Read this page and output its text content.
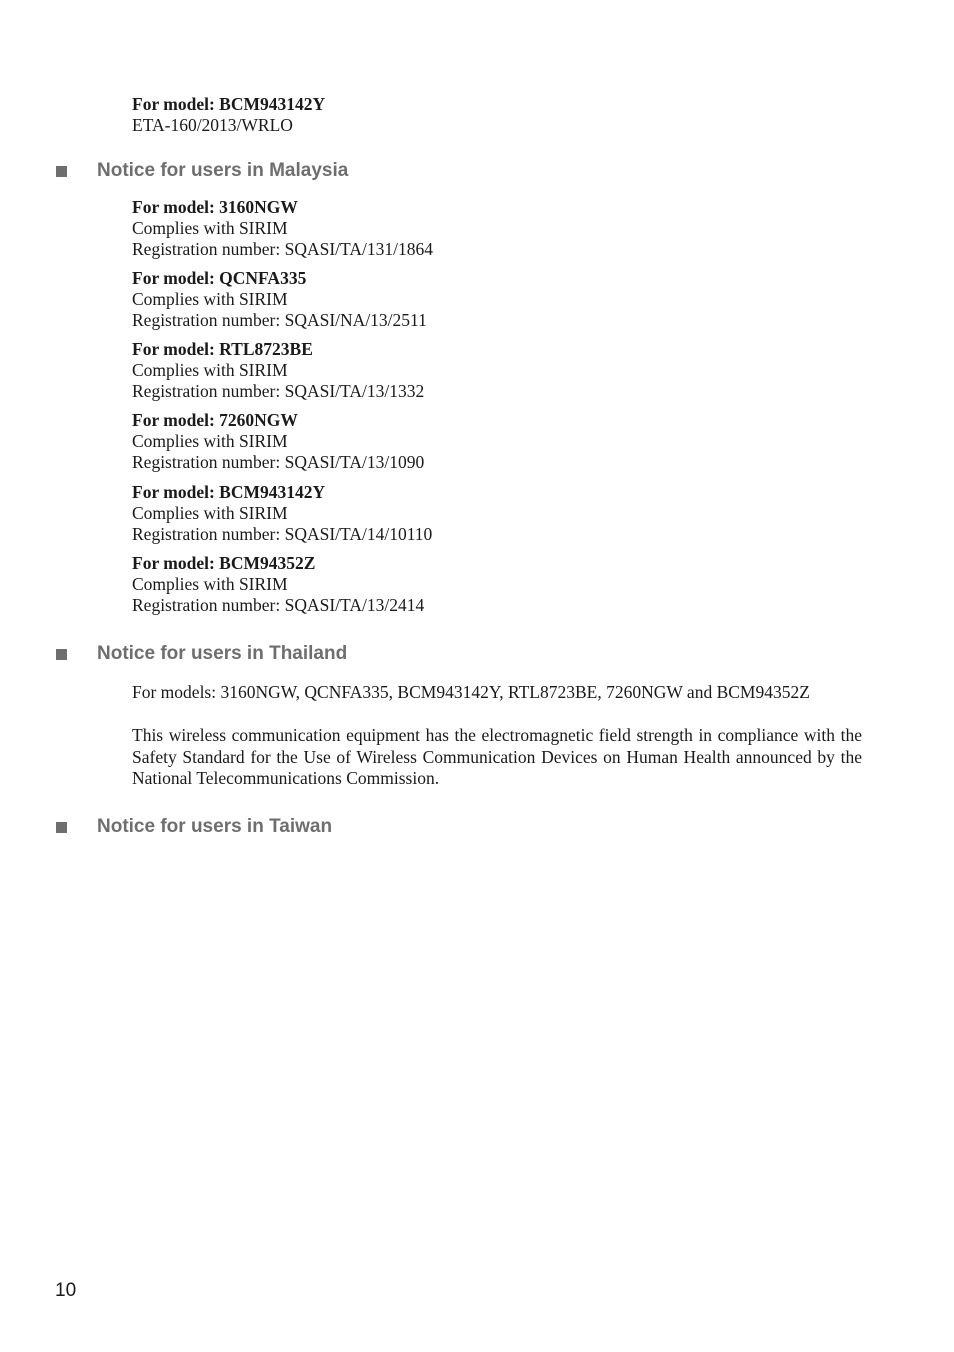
For model: BCM943142Y
ETA-160/2013/WRLO
Notice for users in Malaysia
For model: 3160NGW
Complies with SIRIM
Registration number: SQASI/TA/131/1864
For model: QCNFA335
Complies with SIRIM
Registration number: SQASI/NA/13/2511
For model: RTL8723BE
Complies with SIRIM
Registration number: SQASI/TA/13/1332
For model: 7260NGW
Complies with SIRIM
Registration number: SQASI/TA/13/1090
For model: BCM943142Y
Complies with SIRIM
Registration number: SQASI/TA/14/10110
For model: BCM94352Z
Complies with SIRIM
Registration number: SQASI/TA/13/2414
Notice for users in Thailand
For models: 3160NGW, QCNFA335, BCM943142Y, RTL8723BE, 7260NGW and BCM94352Z
This wireless communication equipment has the electromagnetic field strength in compliance with the Safety Standard for the Use of Wireless Communication Devices on Human Health announced by the National Telecommunications Commission.
Notice for users in Taiwan
10
